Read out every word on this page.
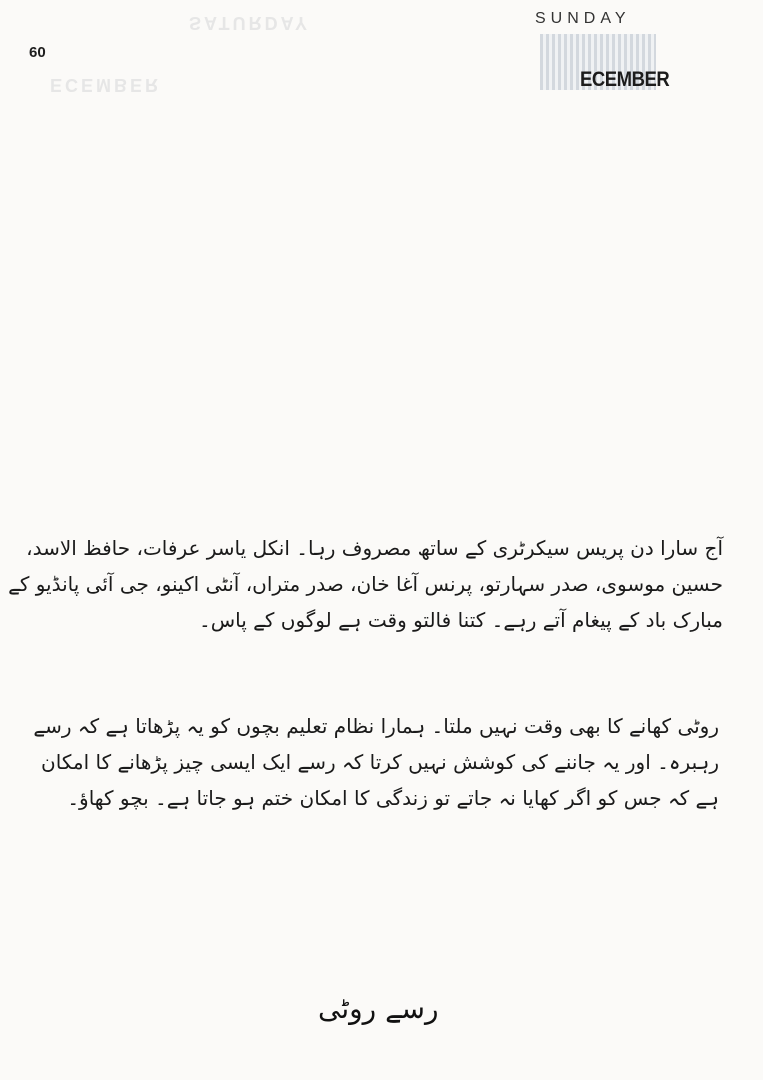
60
SATURDAY
ECEMBER
SUNDAY
ECEMBER
آج سارا دن پریس سیکرٹری کے ساتھ مصروف رہا۔ انکل یاسر عرفات، حافظ الاسد،
حسین موسوی، صدر سہارتو، پرنس آغا خان، صدر متراں، آنٹی اکینو، جی آئی پانڈیو کے
مبارک باد کے پیغام آتے رہے۔ کتنا فالتو وقت ہے لوگوں کے پاس۔
روٹی کھانے کا بھی وقت نہیں ملتا۔ ہمارا نظام تعلیم بچوں کو یہ پڑھاتا ہے کہ رسے
رہبرہ۔ اور یہ جاننے کی کوشش نہیں کرتا کہ رسے ایک ایسی چیز پڑھانے کا امکان
ہے کہ جس کو اگر کھایا نہ جاتے تو زندگی کا امکان ختم ہو جاتا ہے۔ بچو کھاؤ۔
رسے روٹی
